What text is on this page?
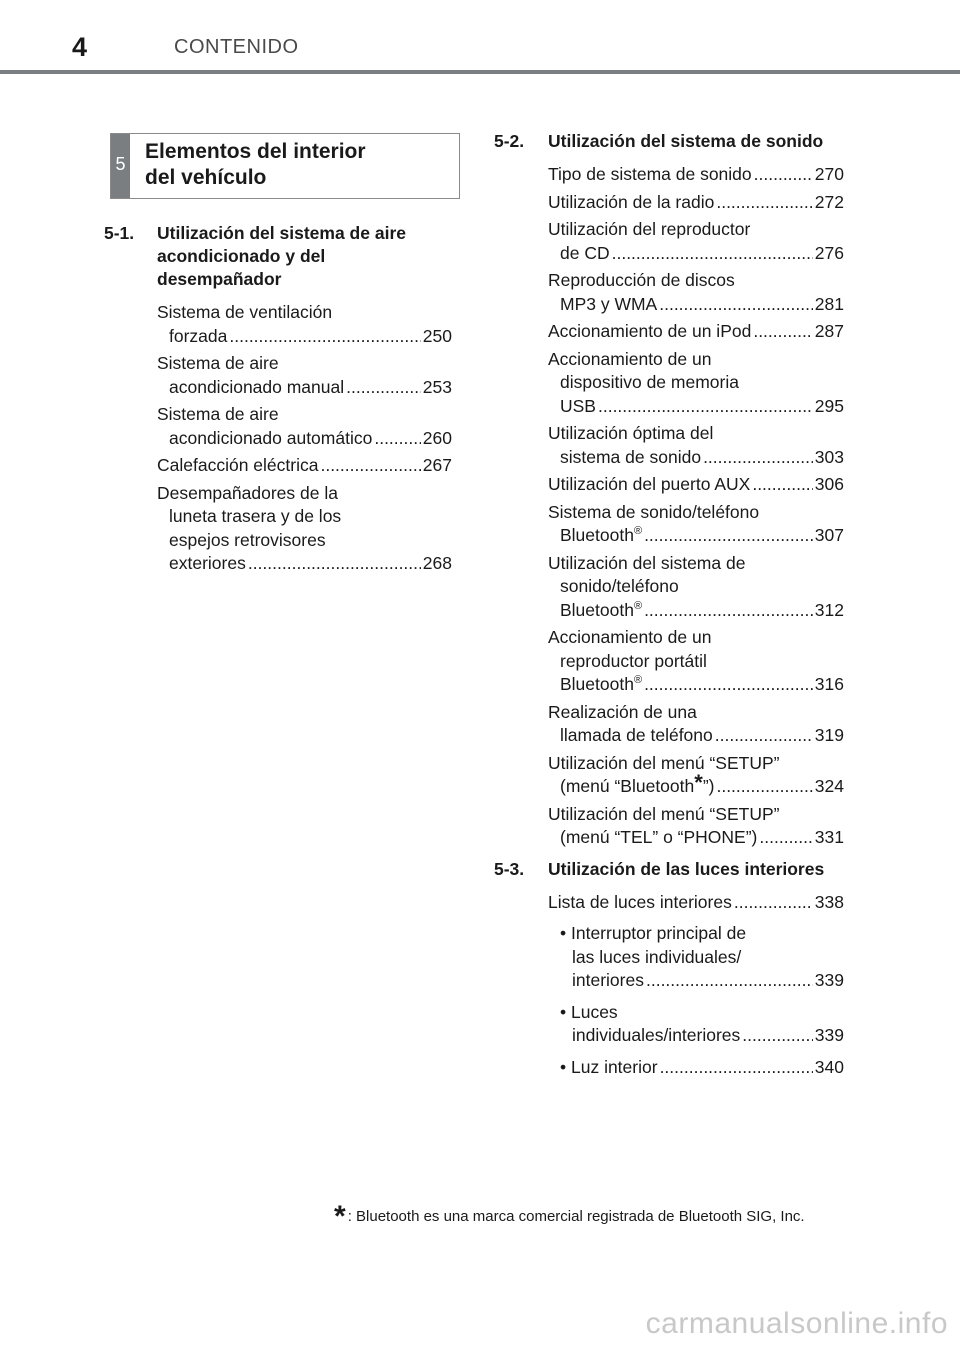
4	CONTENIDO
5
Elementos del interior
del vehículo
5-1.	Utilización del sistema de aire acondicionado y del desempañador
Sistema de ventilación
forzada .....	250
Sistema de aire
acondicionado manual .....	253
Sistema de aire
acondicionado automático .....	260
Calefacción eléctrica .....	267
Desempañadores de la
luneta trasera y de los
espejos retrovisores
exteriores .....	268
5-2.	Utilización del sistema de sonido
Tipo de sistema de sonido .....	270
Utilización de la radio .....	272
Utilización del reproductor
de CD .....	276
Reproducción de discos
MP3 y WMA .....	281
Accionamiento de un iPod .....	287
Accionamiento de un
dispositivo de memoria
USB .....	295
Utilización óptima del
sistema de sonido .....	303
Utilización del puerto AUX .....	306
Sistema de sonido/teléfono
Bluetooth® .....	307
Utilización del sistema de
sonido/teléfono
Bluetooth® .....	312
Accionamiento de un
reproductor portátil
Bluetooth® .....	316
Realización de una
llamada de teléfono .....	319
Utilización del menú “SETUP”
(menú “Bluetooth*”) .....	324
Utilización del menú “SETUP”
(menú “TEL” o “PHONE”) .....	331
5-3.	Utilización de las luces interiores
Lista de luces interiores .....	338
• Interruptor principal de
las luces individuales/
interiores .....	339
• Luces
individuales/interiores .....	339
• Luz interior .....	340
* : Bluetooth es una marca comercial registrada de Bluetooth SIG, Inc.
carmanualsonline.info
